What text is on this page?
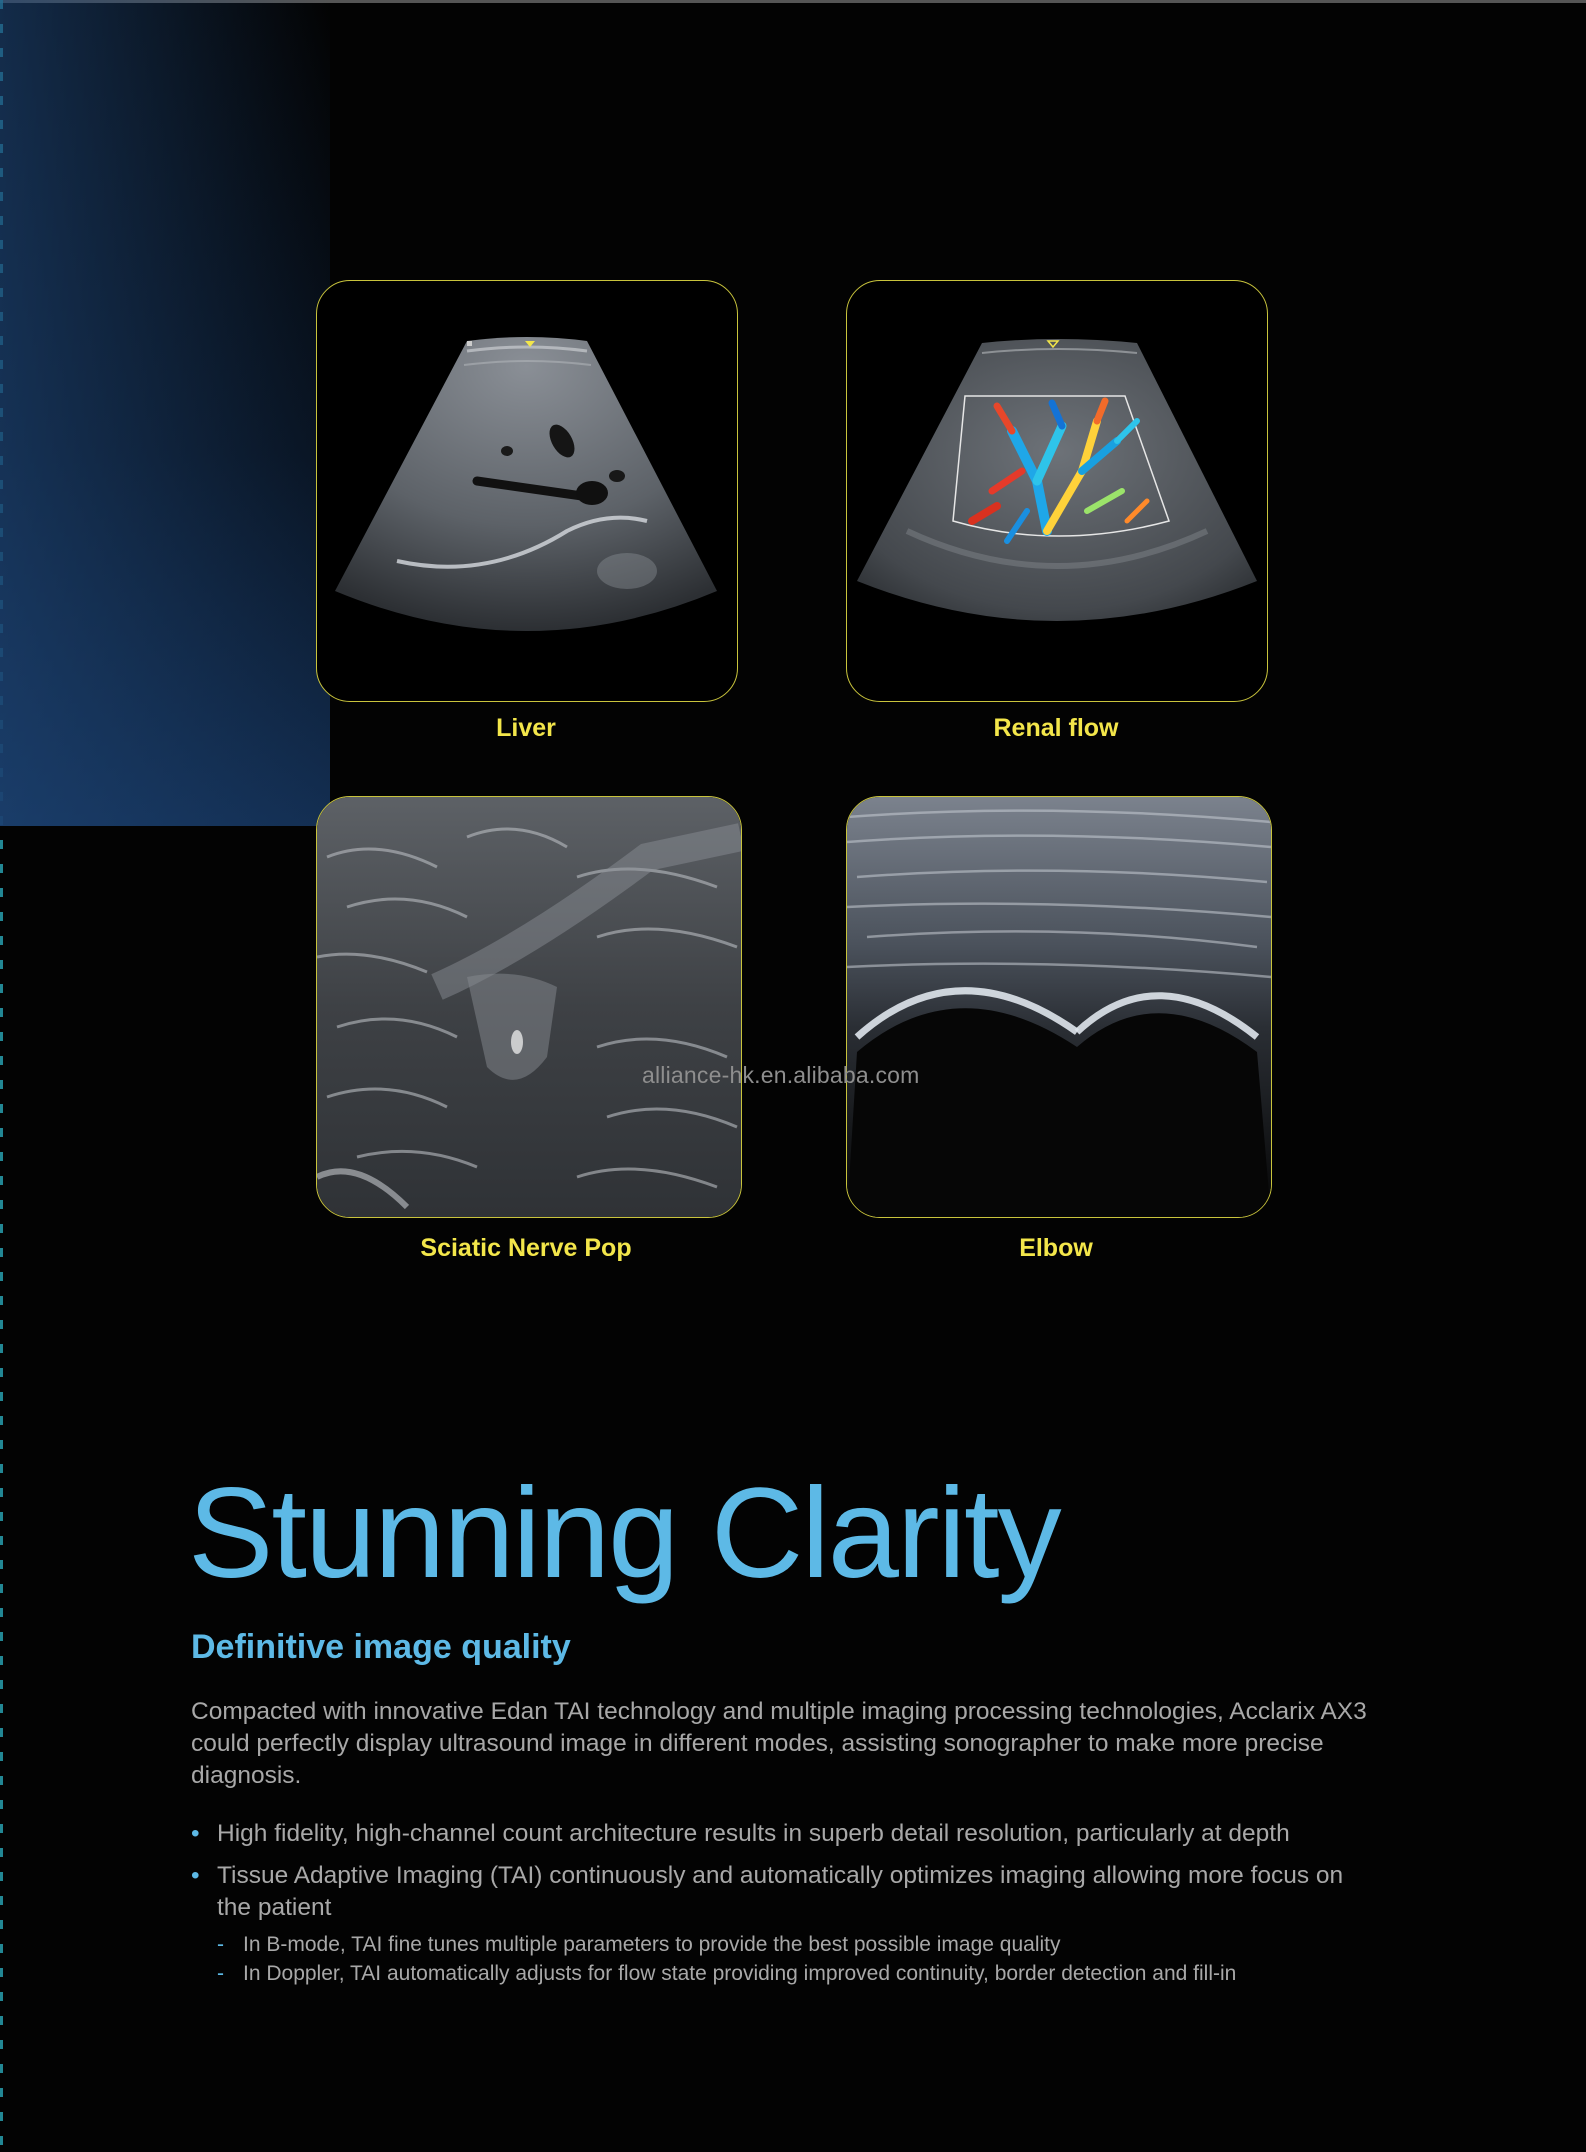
Liver	Renal flow
Sciatic Nerve Pop	Elbow
alliance-hk.en.alibaba.com
Stunning Clarity
Definitive image quality

Compacted with innovative Edan TAI technology and multiple imaging processing technologies, Acclarix AX3 could perfectly display ultrasound image in different modes, assisting sonographer to make more precise diagnosis.

• High fidelity, high-channel count architecture results in superb detail resolution, particularly at depth
• Tissue Adaptive Imaging (TAI) continuously and automatically optimizes imaging allowing more focus on the patient
- In B-mode, TAI fine tunes multiple parameters to provide the best possible image quality
- In Doppler, TAI automatically adjusts for flow state providing improved continuity, border detection and fill-in
